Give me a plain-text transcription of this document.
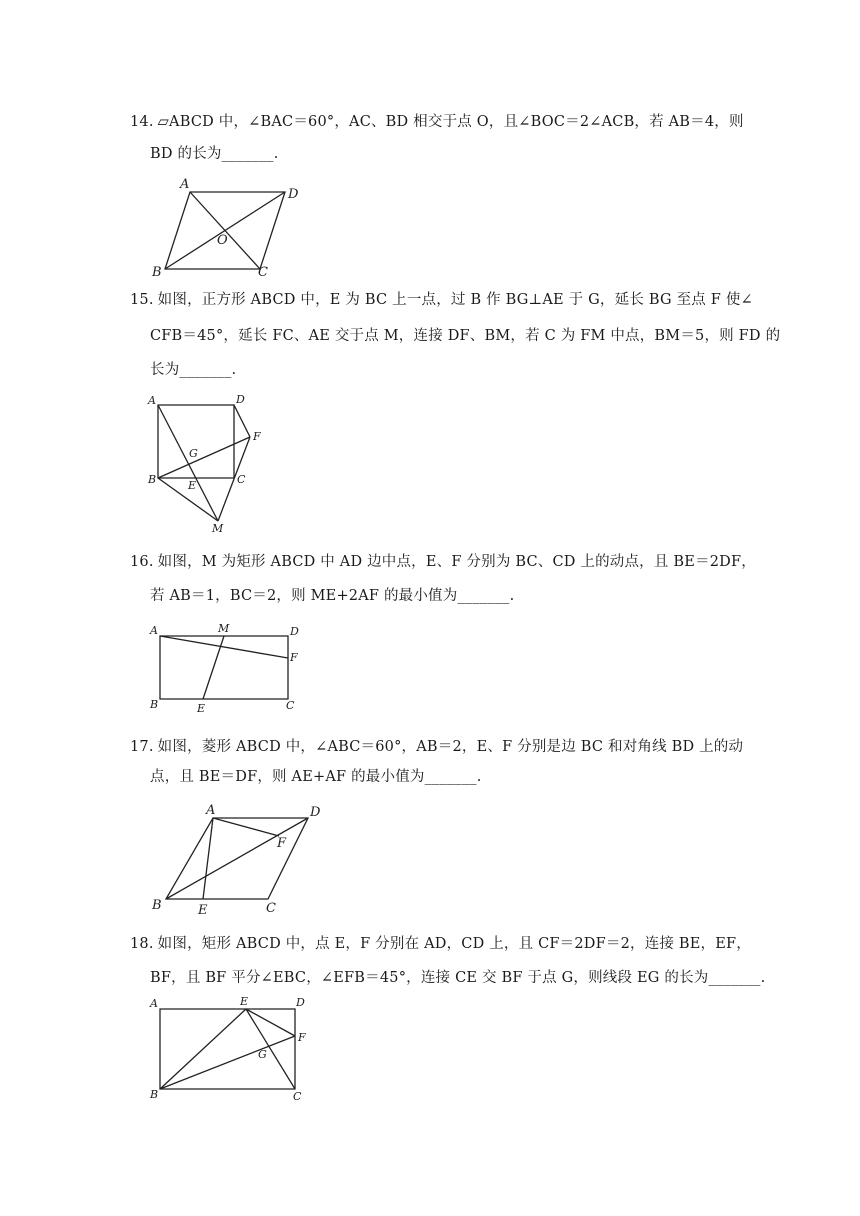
14. ▱ABCD 中，∠BAC＝60°，AC、BD 相交于点 O，且∠BOC＝2∠ACB，若 AB＝4，则
BD 的长为_______.
A
D
O
B	C
15. 如图，正方形 ABCD 中，E 为 BC 上一点，过 B 作 BG⊥AE 于 G，延长 BG 至点 F 使∠
CFB＝45°，延长 FC、AE 交于点 M，连接 DF、BM，若 C 为 FM 中点，BM＝5，则 FD 的
长为_______.
A	D
F
G
B	E	C
M
16. 如图，M 为矩形 ABCD 中 AD 边中点，E、F 分别为 BC、CD 上的动点，且 BE＝2DF，
若 AB＝1，BC＝2，则 ME+2AF 的最小值为_______.
A	M	D
F
B	E	C
17. 如图，菱形 ABCD 中，∠ABC＝60°，AB＝2，E、F 分别是边 BC 和对角线 BD 上的动
点，且 BE＝DF，则 AE+AF 的最小值为_______.
A	D
F
B	E	C
18. 如图，矩形 ABCD 中，点 E，F 分别在 AD，CD 上，且 CF＝2DF＝2，连接 BE，EF，
BF，且 BF 平分∠EBC，∠EFB＝45°，连接 CE 交 BF 于点 G，则线段 EG 的长为_______.
A	E	D
F
G
B	C
